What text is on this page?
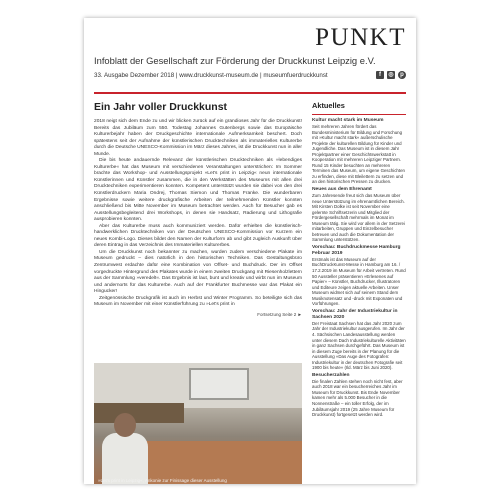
PUNKT
Infoblatt der Gesellschaft zur Förderung der Druckkunst Leipzig e.V.
33. Ausgabe Dezember 2018 | www.druckkunst-museum.de | museumfuerdruckkunst	f	◎	p
Ein Jahr voller Druckkunst

2018 neigt sich dem Ende zu und wir blicken zurück auf ein grandioses Jahr für die Druckkunst! Bereits das Jubiläum zum 550. Todestag Johannes Gutenbergs sowie das Europäische Kulturerbejahr haben der Druckgeschichte internationale Aufmerksamkeit beschert. Doch spätestens seit der Aufnahme der künstlerischen Drucktechniken als immaterielles Kulturerbe durch die Deutsche UNESCO-Kommission im März dieses Jahres, ist die Druckkunst nun in aller Munde.

Die bis heute andauernde Relevanz der künstlerischen Drucktechniken als »lebendiges Kulturerbe« hat das Museum mit verschiedenen Veranstaltungen unterstrichen: Im Sommer brachte das Workshop- und Ausstellungsprojekt »Let's print in Leipzig« neun internationale Künstlerinnen und Künstler zusammen, die in den Werkstätten des Museums mit allen drei Drucktechniken experimentieren konnten. Kompetent unterstützt wurden sie dabei von den drei Künstlerdruckern Maria Ondrej, Thomas Siemon und Thomas Franke. Die wunderbaren Ergebnisse sowie weitere druckgrafische Arbeiten der teilnehmenden Künstler konnten anschließend bis Mitte November im Museum betrachtet werden. Auch für Besucher gab es Ausstellungsbegleitend drei Workshops, in denen sie Handsatz, Radierung und Lithografie ausprobieren konnten.

Aber das Kulturerbe muss auch kommuniziert werden. Dafür erhielten die künstlerisch-handwerklichen Drucktechniken von der Deutschen UNESCO-Kommission vor Kurzem ein neues Kombi-Logo. Dieses bildet den Namen der Kulturform ab und gibt zugleich Auskunft über deren Eintrag in das Verzeichnis des Immateriellen Kulturerbes.

Um die Druckkunst noch bekannter zu machen, wurden zudem verschiedene Plakate im Museum gedruckt – dies natürlich in den historischen Techniken. Das Gestaltungsbüro Zentrumwest erdachte dafür eine Kombination von Offset- und Buchdruck. Der im Offset vorgedruckte Hintergrund des Plakates wurde in einem zweiten Druckgang mit Riesenholzlettern aus der Sammlung »veredelt«. Das Ergebnis ist laut, bunt und kreativ und wirbt nun im Museum und andernorts für das Kulturerbe. Auch auf der Frankfurter Buchmesse war das Plakat ein Hingucker!

Zeitgenössische Druckgrafik ist auch im Herbst und Winter Programm. So beteiligte sich das Museum im November mit einer Künstlerführung zu »Let's print in

Fortsetzung Seite 2 ►
»Let's print in Leipzig«, Ankonie zur Finissage dieser Ausstellung
Aktuelles
Kultur macht stark im Museum

Seit mehreren Jahren fördert das Bundesministerium für Bildung und Forschung mit »Kultur macht stark« außerschulische Projekte der kulturellen Bildung für Kinder und Jugendliche. Das Museum ist in diesem Jahr Projektpartner einer Geschichtswerkstatt in Kooperation mit mehreren Leipziger Partnern. Rund 15 Kinder besuchten an mehreren Terminen das Museum, um eigene Geschichten zu erfinden, diese mit Bleilettern zu setzen und an den historischen Pressen zu drucken.

Neues aus dem Ehrenamt

Zum Jahresende freut sich das Museum über neue Unterstützung im ehrenamtlichen Bereich. Mit Kirsten Dolke ist seit November eine gelernte Schriftsetzerin und Mitglied der Fördergesellschaft mehrmals im Monat im Museum tätig. Sie wird vor allem in der Setzerei mitarbeiten, Gruppen und Einzelbesucher betreuen und auch die Dokumentation der Sammlung unterstützen.

Vorschau: Buchdruckmesse Hamburg Februar 2019

Erstmals ist das Museum auf der BuchDruckKunst-Messe in Hamburg am 16. / 17.2.2019 im Museum für Arbeit vertreten. Rund 50 Aussteller präsentieren »Erlesenes auf Papier« – Künstler, Buchdrucker, Illustratoren und Editeure zeigen aktuelle Arbeiten. Unser Museum widmet sich auf seinem Stand dem Musiknotensatz und -druck mit Exponaten und Vorführungen.

Vorschau: Jahr der Industriekultur in Sachsen 2020

Der Freistaat Sachsen hat das Jahr 2020 zum Jahr der Industriekultur ausgerufen. Im Jahr der 4. Sächsischen Landesausstellung werden unter diesem Dach Industriekulturelle Aktivitäten in ganz Sachsen durchgeführt. Das Museum ist in diesem Zuge bereits in der Planung für die Ausstellung »Das Auge des Fotografen: Industriekultur in der deutschen Fotografie seit 1900 bis heute« (Ild. März bis Juni 2020).

Besucherzahlen

Die finalen Zahlen stehen noch nicht fest, aber auch 2018 war ein besucherreiches Jahr im Museum für Druckkunst. Bis Ende November kamen mehr als 5.000 Besucher in die Nonnenstraße – ein toller Erfolg, der im Jubiläumsjahr 2019 (25 Jahre Museum für Druckkunst) fortgesetzt werden wird.
